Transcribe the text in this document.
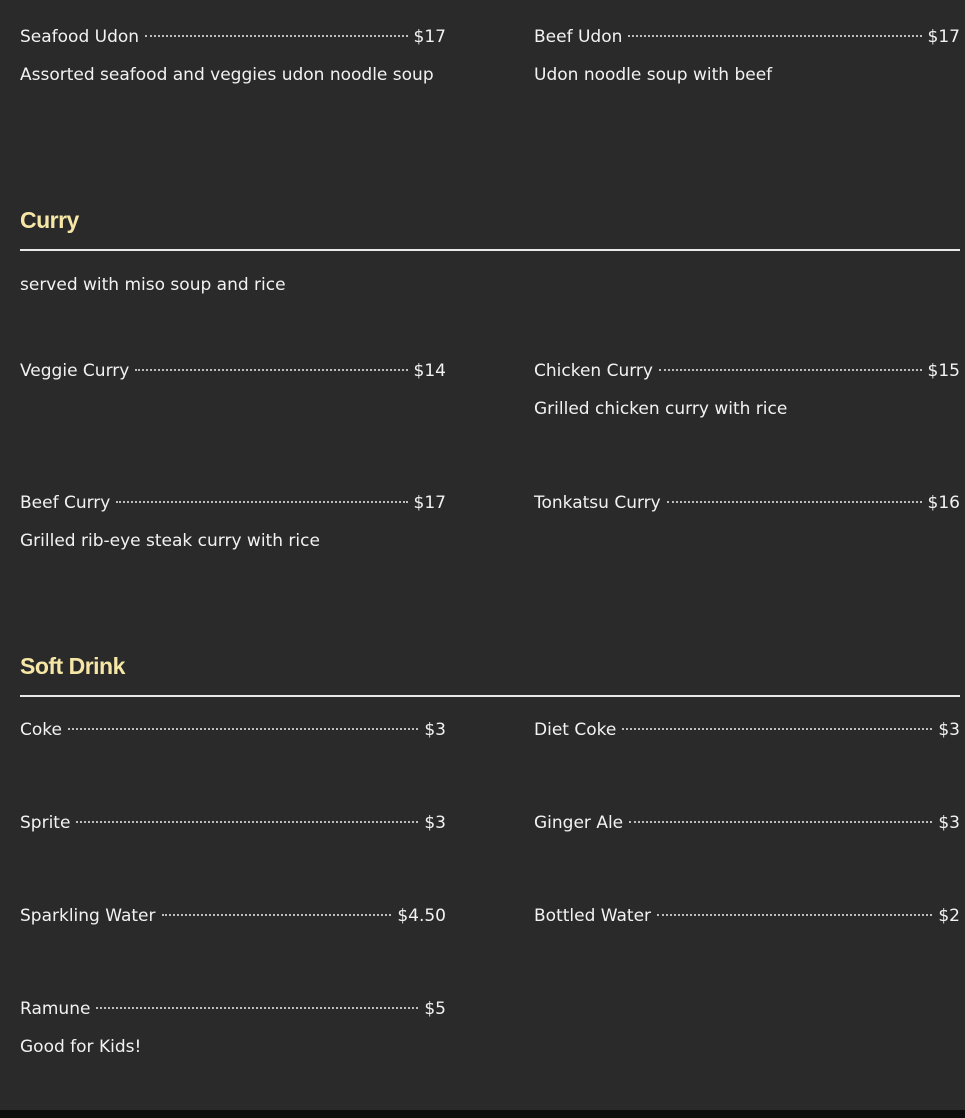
Seafood Udon	$17
Assorted seafood and veggies udon noodle soup
Beef Udon	$17
Udon noodle soup with beef
Curry
served with miso soup and rice
Veggie Curry	$14	Chicken Curry	$15
Grilled chicken curry with rice
Beef Curry	$17
Grilled rib-eye steak curry with rice
Tonkatsu Curry	$16
Soft Drink
Coke	$3	Diet Coke	$3
Sprite	$3	Ginger Ale	$3
Sparkling Water	$4.50	Bottled Water	$2
Ramune	$5
Good for Kids!
